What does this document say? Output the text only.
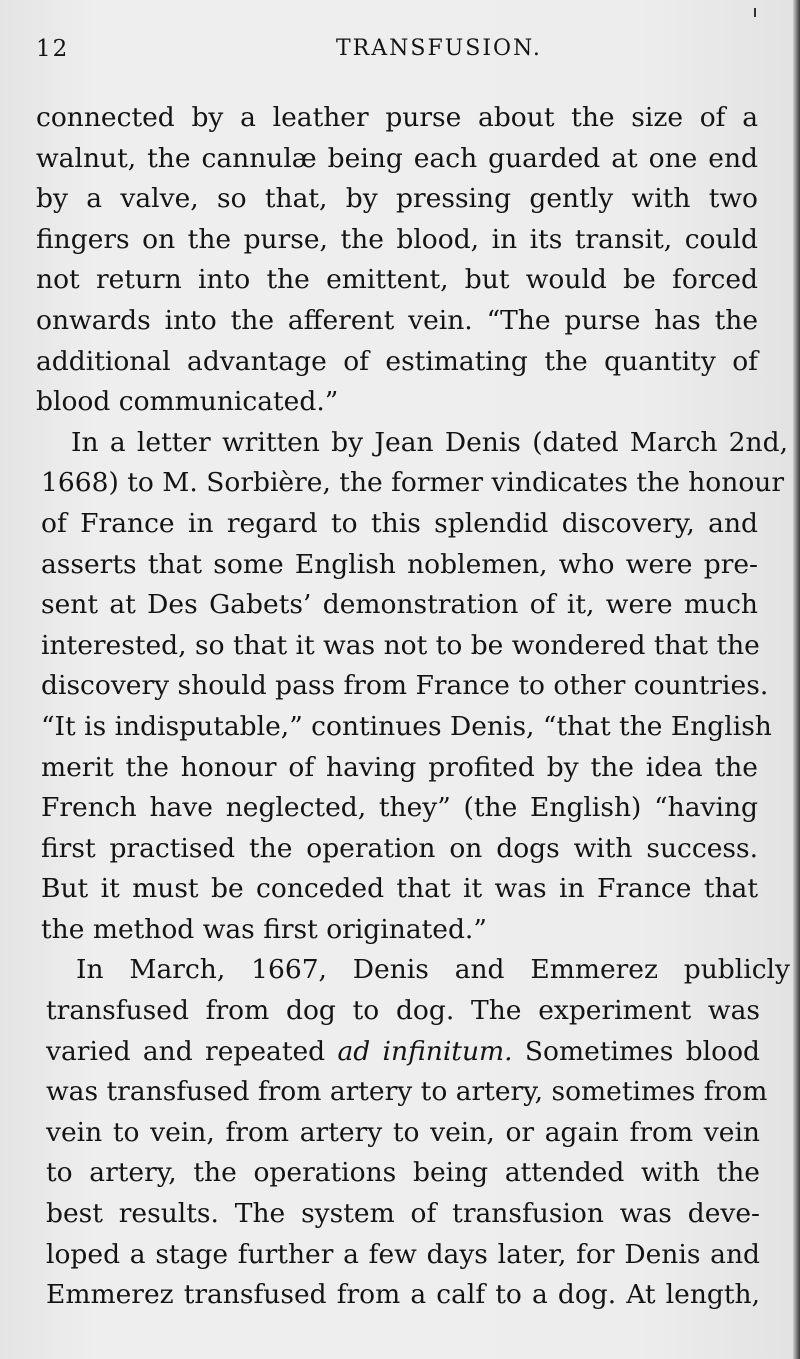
12	TRANSFUSION.
connected by a leather purse about the size of a
walnut, the cannulæ being each guarded at one end
by a valve, so that, by pressing gently with two
fingers on the purse, the blood, in its transit, could
not return into the emittent, but would be forced
onwards into the afferent vein. “The purse has the
additional advantage of estimating the quantity of
blood communicated.”
In a letter written by Jean Denis (dated March 2nd,
1668) to M. Sorbière, the former vindicates the honour
of France in regard to this splendid discovery, and
asserts that some English noblemen, who were pre-
sent at Des Gabets’ demonstration of it, were much
interested, so that it was not to be wondered that the
discovery should pass from France to other countries.
“It is indisputable,” continues Denis, “that the English
merit the honour of having profited by the idea the
French have neglected, they” (the English) “having
first practised the operation on dogs with success.
But it must be conceded that it was in France that
the method was first originated.”
In March, 1667, Denis and Emmerez publicly
transfused from dog to dog. The experiment was
varied and repeated ad infinitum. Sometimes blood
was transfused from artery to artery, sometimes from
vein to vein, from artery to vein, or again from vein
to artery, the operations being attended with the
best results. The system of transfusion was deve-
loped a stage further a few days later, for Denis and
Emmerez transfused from a calf to a dog. At length,
